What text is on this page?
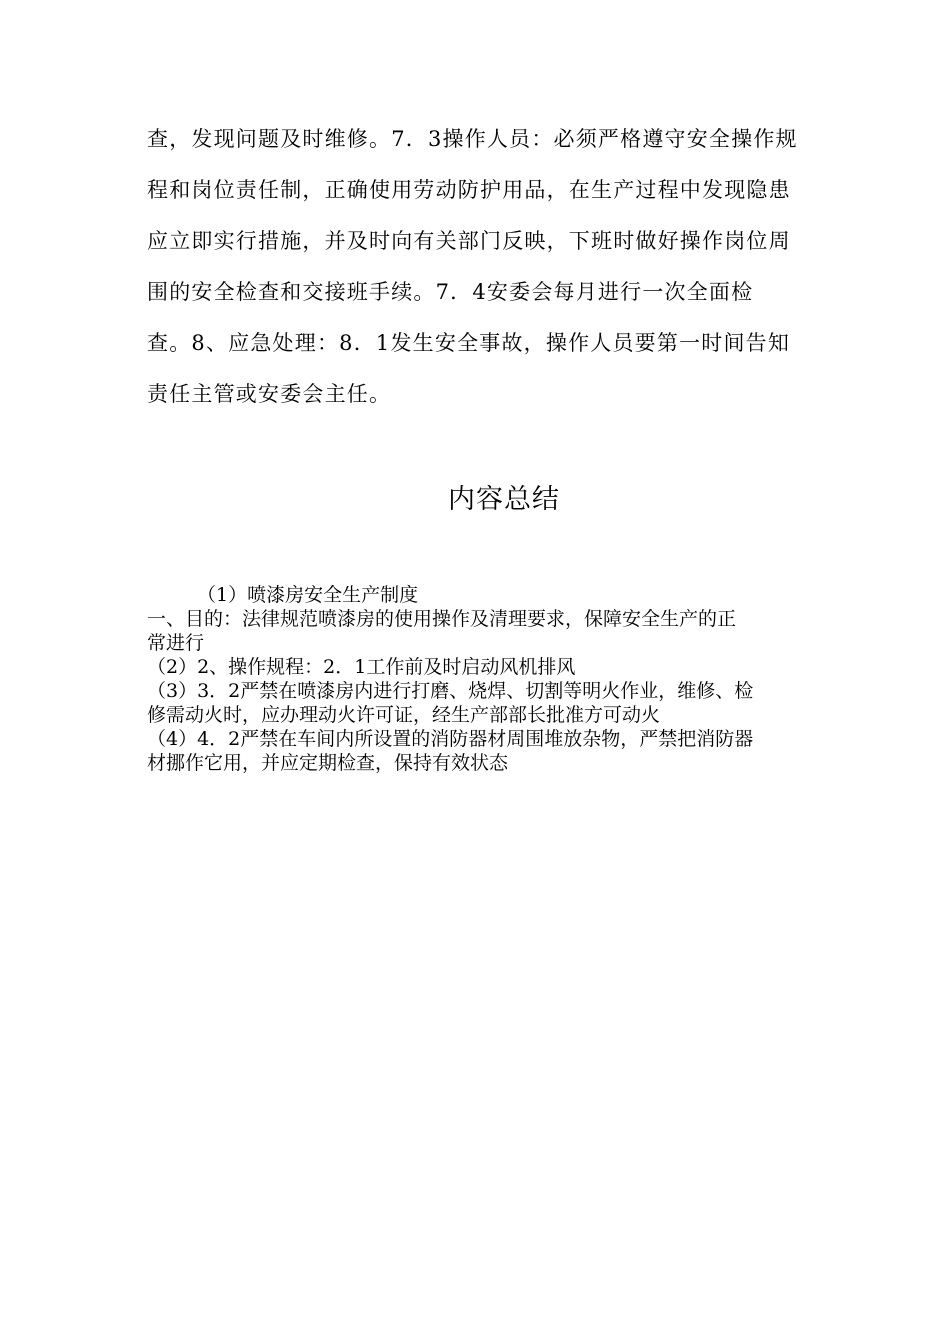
查，发现问题及时维修。7．3操作人员：必须严格遵守安全操作规
程和岗位责任制，正确使用劳动防护用品，在生产过程中发现隐患
应立即实行措施，并及时向有关部门反映，下班时做好操作岗位周
围的安全检查和交接班手续。7．4安委会每月进行一次全面检
查。8、应急处理：8．1发生安全事故，操作人员要第一时间告知
责任主管或安委会主任。
内容总结
（1）喷漆房安全生产制度
一、目的：法律规范喷漆房的使用操作及清理要求，保障安全生产的正
常进行
（2）2、操作规程：2．1工作前及时启动风机排风
（3）3．2严禁在喷漆房内进行打磨、烧焊、切割等明火作业，维修、检
修需动火时，应办理动火许可证，经生产部部长批准方可动火
（4）4．2严禁在车间内所设置的消防器材周围堆放杂物，严禁把消防器
材挪作它用，并应定期检查，保持有效状态
